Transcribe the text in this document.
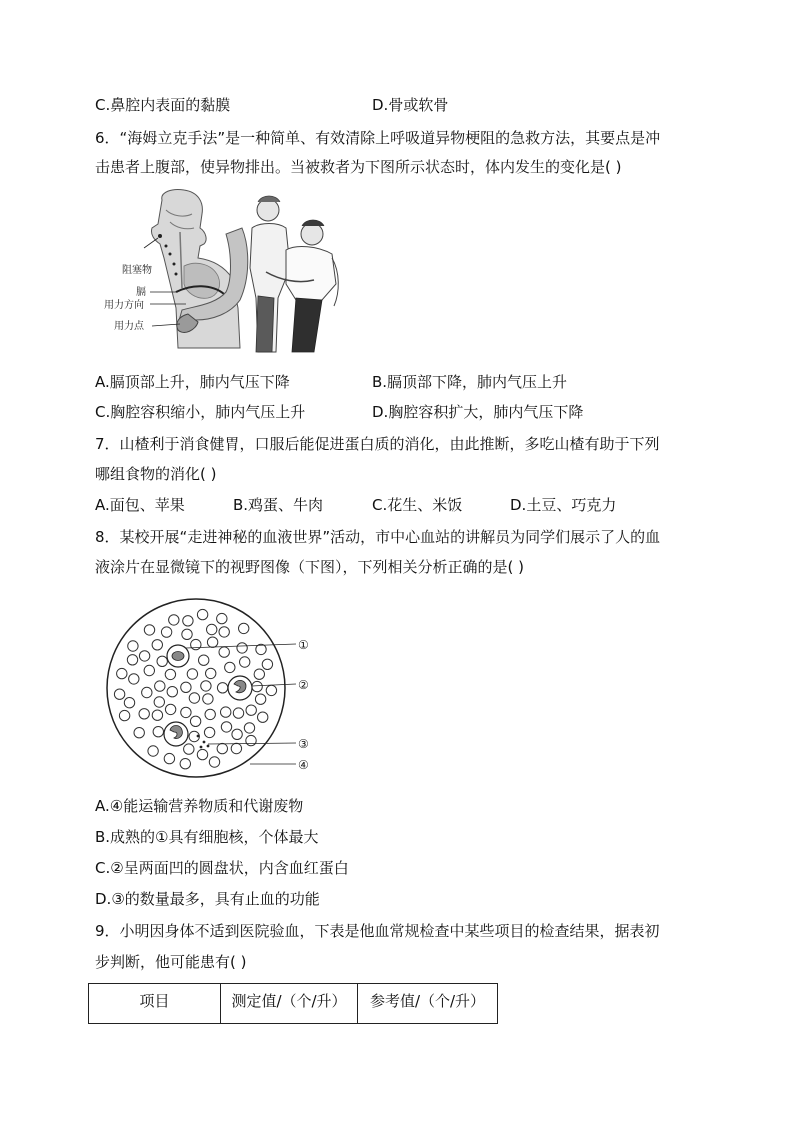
C.鼻腔内表面的黏膜	D.骨或软骨
6．“海姆立克手法”是一种简单、有效清除上呼吸道异物梗阻的急救方法，其要点是冲
击患者上腹部，使异物排出。当被救者为下图所示状态时，体内发生的变化是( )
阻塞物
膈
用力方向
用力点
A.膈顶部上升，肺内气压下降	B.膈顶部下降，肺内气压上升
C.胸腔容积缩小，肺内气压上升	D.胸腔容积扩大，肺内气压下降
7．山楂利于消食健胃，口服后能促进蛋白质的消化，由此推断，多吃山楂有助于下列
哪组食物的消化( )
A.面包、苹果	B.鸡蛋、牛肉	C.花生、米饭	D.土豆、巧克力
8．某校开展“走进神秘的血液世界”活动，市中心血站的讲解员为同学们展示了人的血
液涂片在显微镜下的视野图像（下图），下列相关分析正确的是( )
①
②
③
④
A.④能运输营养物质和代谢废物
B.成熟的①具有细胞核，个体最大
C.②呈两面凹的圆盘状，内含血红蛋白
D.③的数量最多，具有止血的功能
9．小明因身体不适到医院验血，下表是他血常规检查中某些项目的检查结果，据表初
步判断，他可能患有( )
项目	测定值/（个/升）	参考值/（个/升）
